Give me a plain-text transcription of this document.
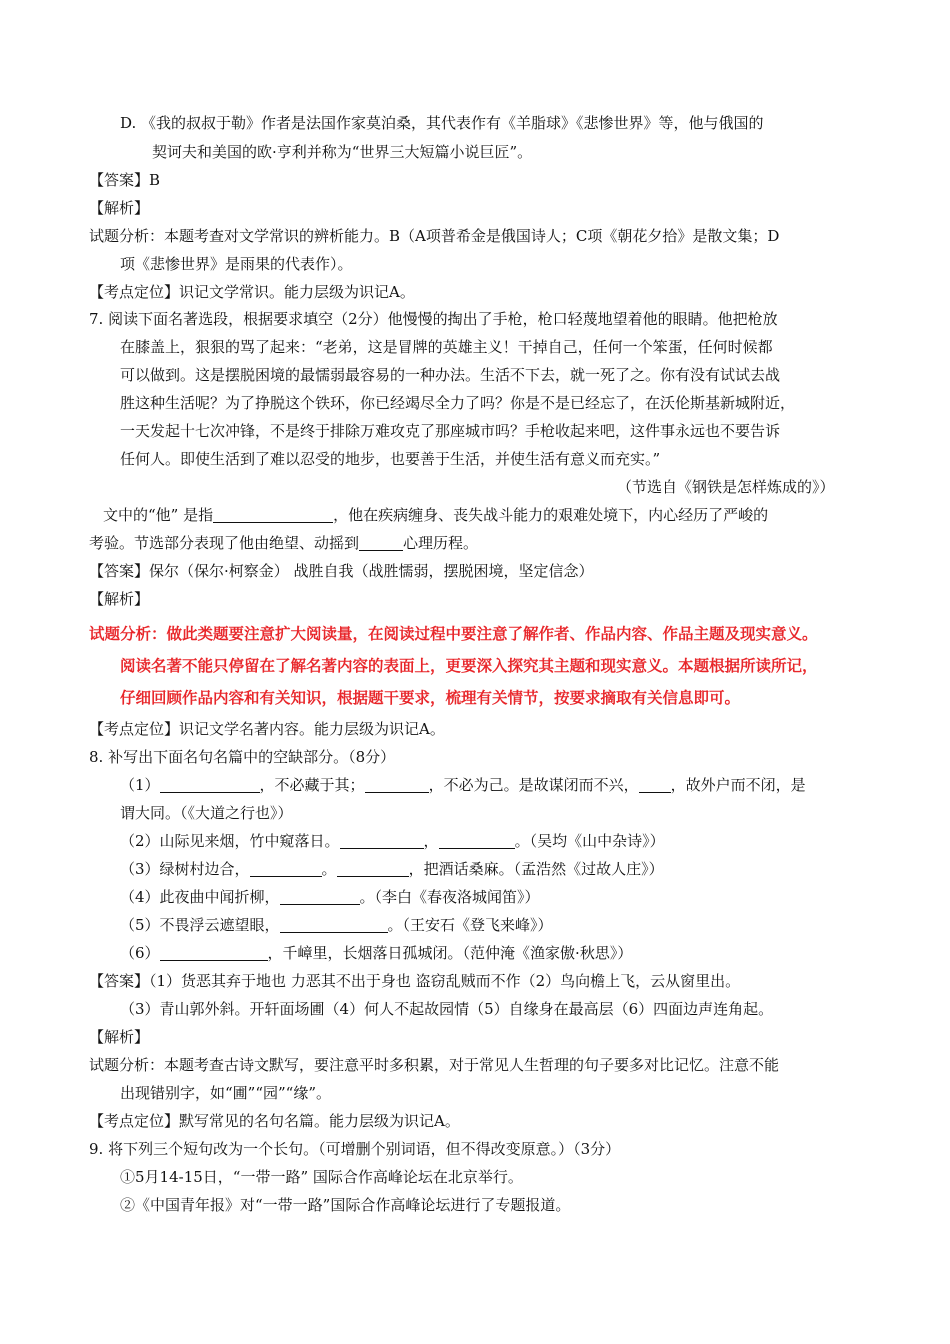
D. 《我的叔叔于勒》作者是法国作家莫泊桑，其代表作有《羊脂球》《悲惨世界》等，他与俄国的
契诃夫和美国的欧·亨利并称为“世界三大短篇小说巨匠”。
【答案】B
【解析】
试题分析：本题考查对文学常识的辨析能力。B（A项普希金是俄国诗人；C项《朝花夕拾》是散文集；D
项《悲惨世界》是雨果的代表作）。
【考点定位】识记文学常识。能力层级为识记A。
7. 阅读下面名著选段，根据要求填空（2分）他慢慢的掏出了手枪，枪口轻蔑地望着他的眼睛。他把枪放
在膝盖上，狠狠的骂了起来：“老弟，这是冒牌的英雄主义！干掉自己，任何一个笨蛋，任何时候都
可以做到。这是摆脱困境的最懦弱最容易的一种办法。生活不下去，就一死了之。你有没有试试去战
胜这种生活呢？为了挣脱这个铁环，你已经竭尽全力了吗？你是不是已经忘了，在沃伦斯基新城附近，
一天发起十七次冲锋，不是终于排除万难攻克了那座城市吗？手枪收起来吧，这件事永远也不要告诉
任何人。即使生活到了难以忍受的地步，也要善于生活，并使生活有意义而充实。”
（节选自《钢铁是怎样炼成的》）
文中的“他” 是指	，他在疾病缠身、丧失战斗能力的艰难处境下，内心经历了严峻的
考验。节选部分表现了他由绝望、动摇到	心理历程。
【答案】保尔（保尔·柯察金） 战胜自我（战胜懦弱，摆脱困境，坚定信念）
【解析】
试题分析：做此类题要注意扩大阅读量，在阅读过程中要注意了解作者、作品内容、作品主题及现实意义。
阅读名著不能只停留在了解名著内容的表面上，更要深入探究其主题和现实意义。本题根据所读所记，
仔细回顾作品内容和有关知识，根据题干要求，梳理有关情节，按要求摘取有关信息即可。
【考点定位】识记文学名著内容。能力层级为识记A。
8. 补写出下面名句名篇中的空缺部分。（8分）
（1）	，不必藏于其；	，不必为己。是故谋闭而不兴， ，故外户而不闭，是
谓大同。（《大道之行也》）
（2）山际见来烟，竹中窥落日。	，	。（吴均《山中杂诗》）
（3）绿树村边合，	。	，把酒话桑麻。（孟浩然《过故人庄》）
（4）此夜曲中闻折柳，	。（李白《春夜洛城闻笛》）
（5）不畏浮云遮望眼，	。（王安石《登飞来峰》）
（6）	，千嶂里，长烟落日孤城闭。（范仲淹《渔家傲·秋思》）
【答案】（1）货恶其弃于地也 力恶其不出于身也 盗窃乱贼而不作（2）鸟向檐上飞，云从窗里出。
（3）青山郭外斜。开轩面场圃（4）何人不起故园情（5）自缘身在最高层（6）四面边声连角起。
【解析】
试题分析：本题考查古诗文默写，要注意平时多积累，对于常见人生哲理的句子要多对比记忆。注意不能
出现错别字，如“圃”“园”“缘”。
【考点定位】默写常见的名句名篇。能力层级为识记A。
9. 将下列三个短句改为一个长句。（可增删个别词语，但不得改变原意。）（3分）
①5月14-15日，“一带一路” 国际合作高峰论坛在北京举行。
②《中国青年报》对“一带一路”国际合作高峰论坛进行了专题报道。
